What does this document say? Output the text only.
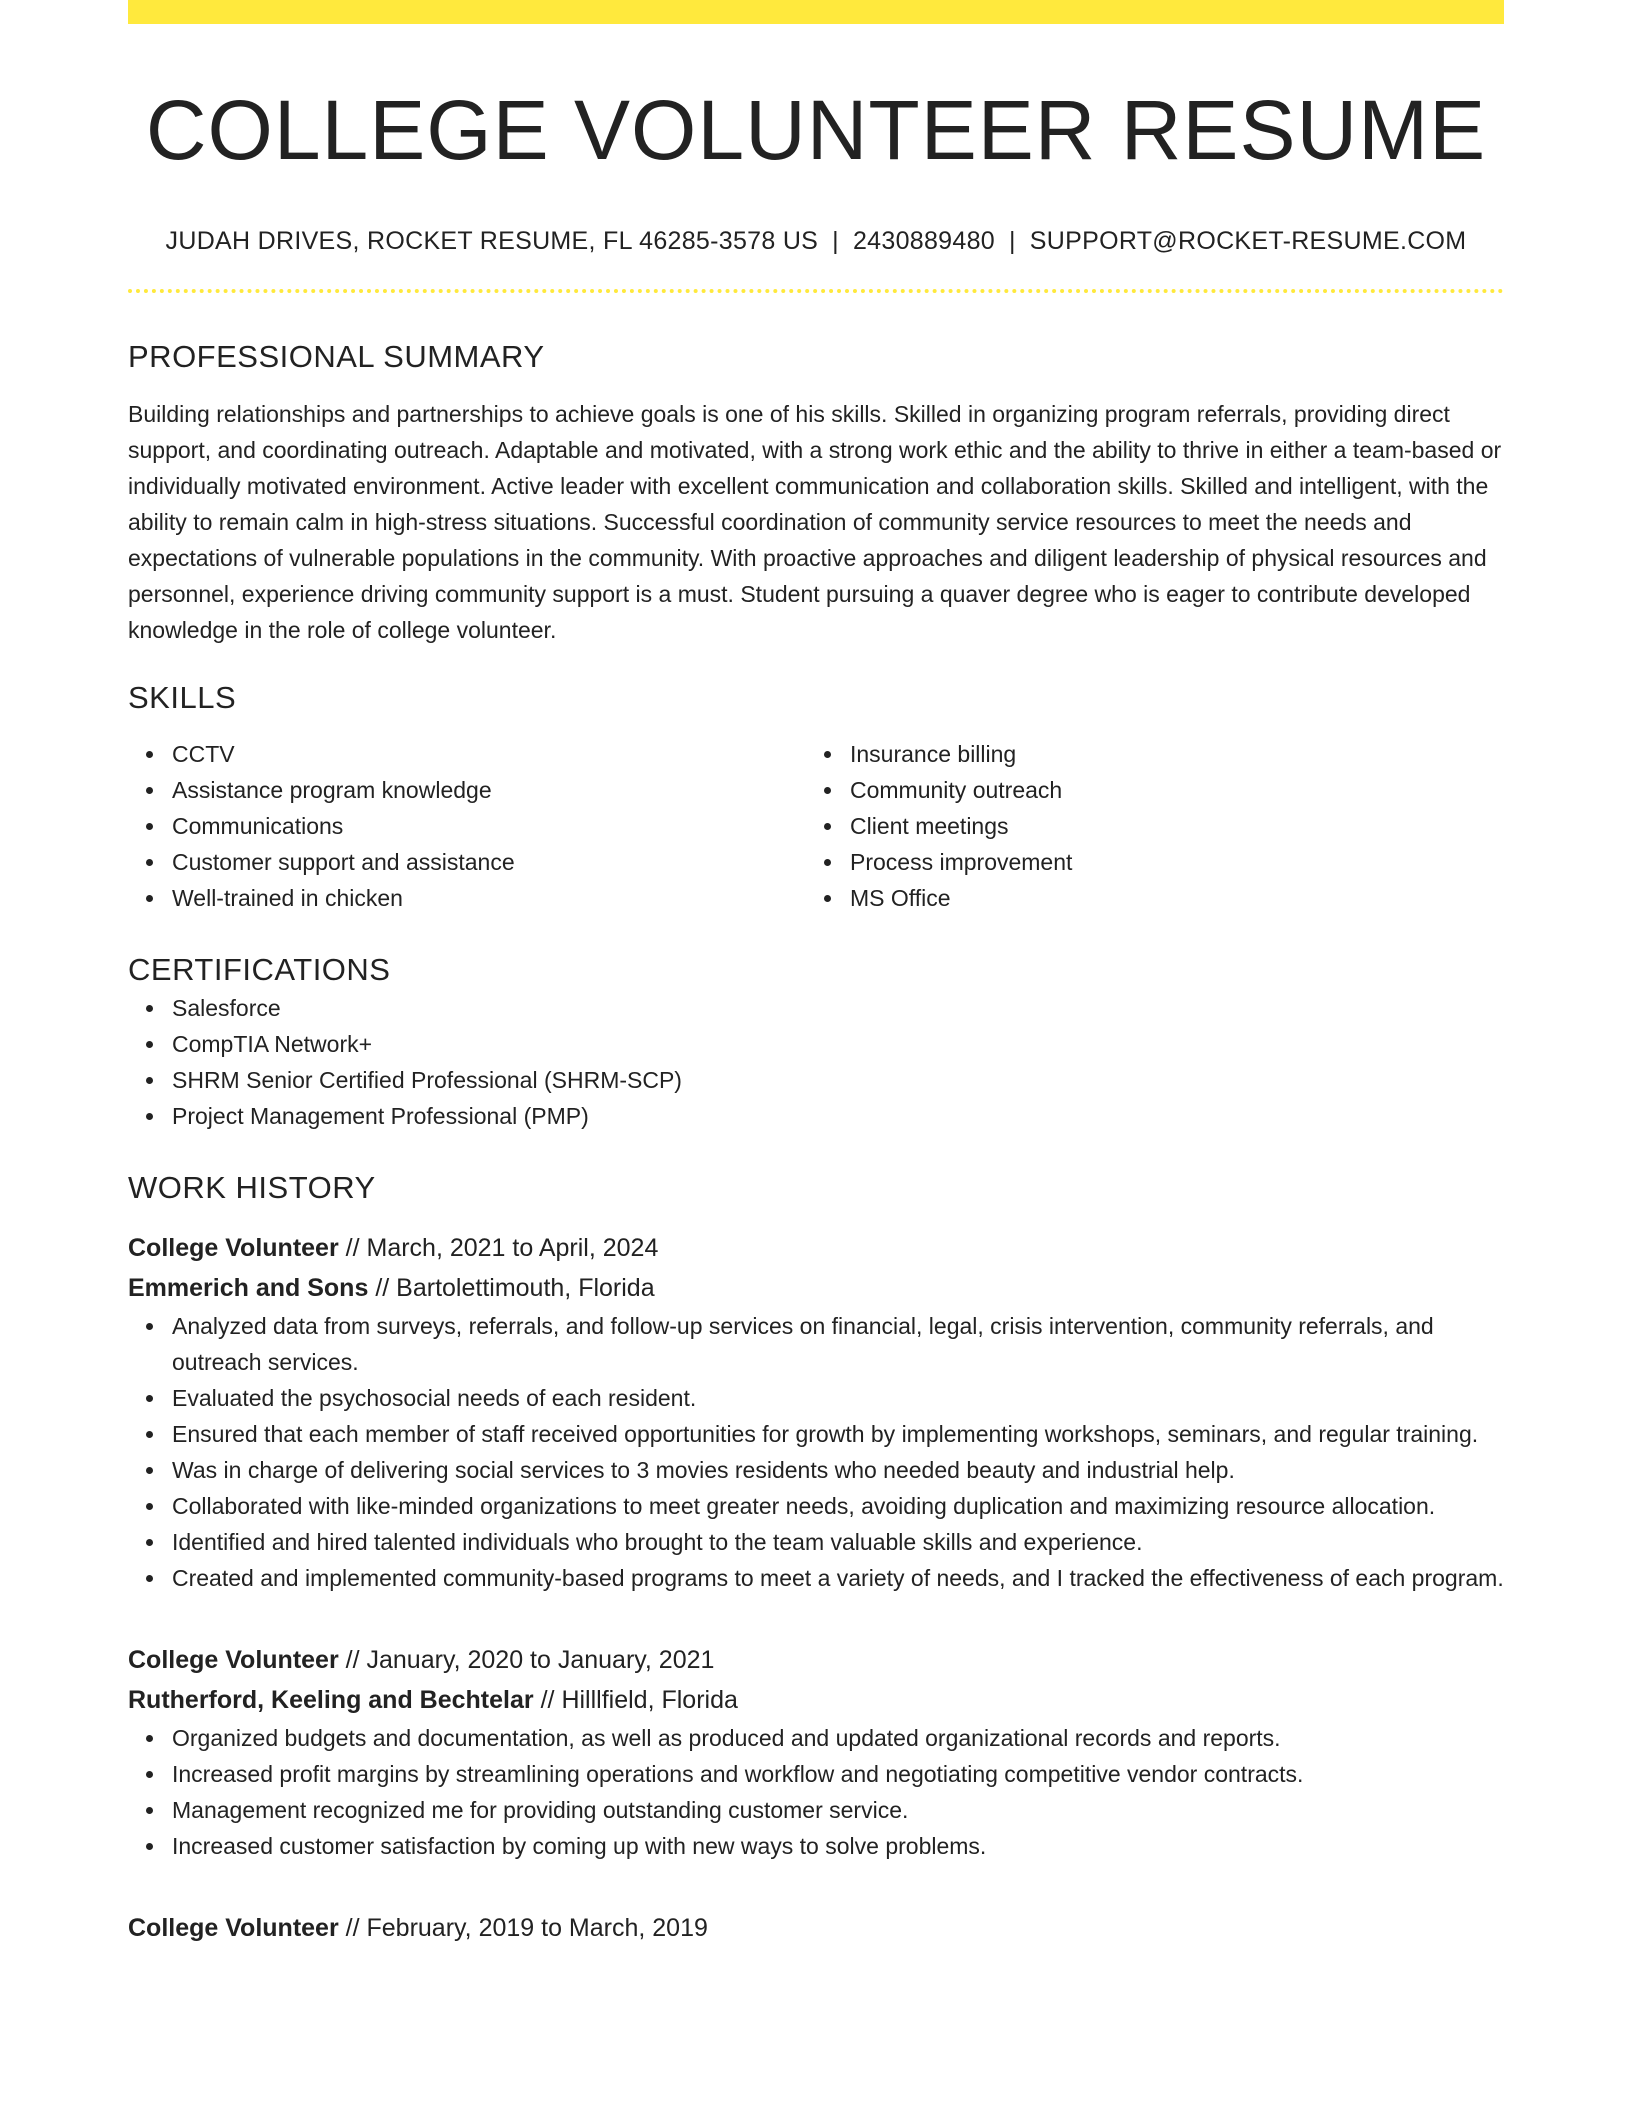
COLLEGE VOLUNTEER RESUME
JUDAH DRIVES, ROCKET RESUME, FL 46285-3578 US | 2430889480 | SUPPORT@ROCKET-RESUME.COM
PROFESSIONAL SUMMARY

Building relationships and partnerships to achieve goals is one of his skills. Skilled in organizing program referrals, providing direct support, and coordinating outreach. Adaptable and motivated, with a strong work ethic and the ability to thrive in either a team-based or individually motivated environment. Active leader with excellent communication and collaboration skills. Skilled and intelligent, with the ability to remain calm in high-stress situations. Successful coordination of community service resources to meet the needs and expectations of vulnerable populations in the community. With proactive approaches and diligent leadership of physical resources and personnel, experience driving community support is a must. Student pursuing a quaver degree who is eager to contribute developed knowledge in the role of college volunteer.

SKILLS
CCTV
Assistance program knowledge
Communications
Customer support and assistance
Well-trained in chicken
Insurance billing
Community outreach
Client meetings
Process improvement
MS Office
CERTIFICATIONS
Salesforce
CompTIA Network+
SHRM Senior Certified Professional (SHRM-SCP)
Project Management Professional (PMP)
WORK HISTORY
College Volunteer // March, 2021 to April, 2024
Emmerich and Sons // Bartolettimouth, Florida
Analyzed data from surveys, referrals, and follow-up services on financial, legal, crisis intervention, community referrals, and outreach services.
Evaluated the psychosocial needs of each resident.
Ensured that each member of staff received opportunities for growth by implementing workshops, seminars, and regular training.
Was in charge of delivering social services to 3 movies residents who needed beauty and industrial help.
Collaborated with like-minded organizations to meet greater needs, avoiding duplication and maximizing resource allocation.
Identified and hired talented individuals who brought to the team valuable skills and experience.
Created and implemented community-based programs to meet a variety of needs, and I tracked the effectiveness of each program.
College Volunteer // January, 2020 to January, 2021
Rutherford, Keeling and Bechtelar // Hilllfield, Florida
Organized budgets and documentation, as well as produced and updated organizational records and reports.
Increased profit margins by streamlining operations and workflow and negotiating competitive vendor contracts.
Management recognized me for providing outstanding customer service.
Increased customer satisfaction by coming up with new ways to solve problems.
College Volunteer // February, 2019 to March, 2019
